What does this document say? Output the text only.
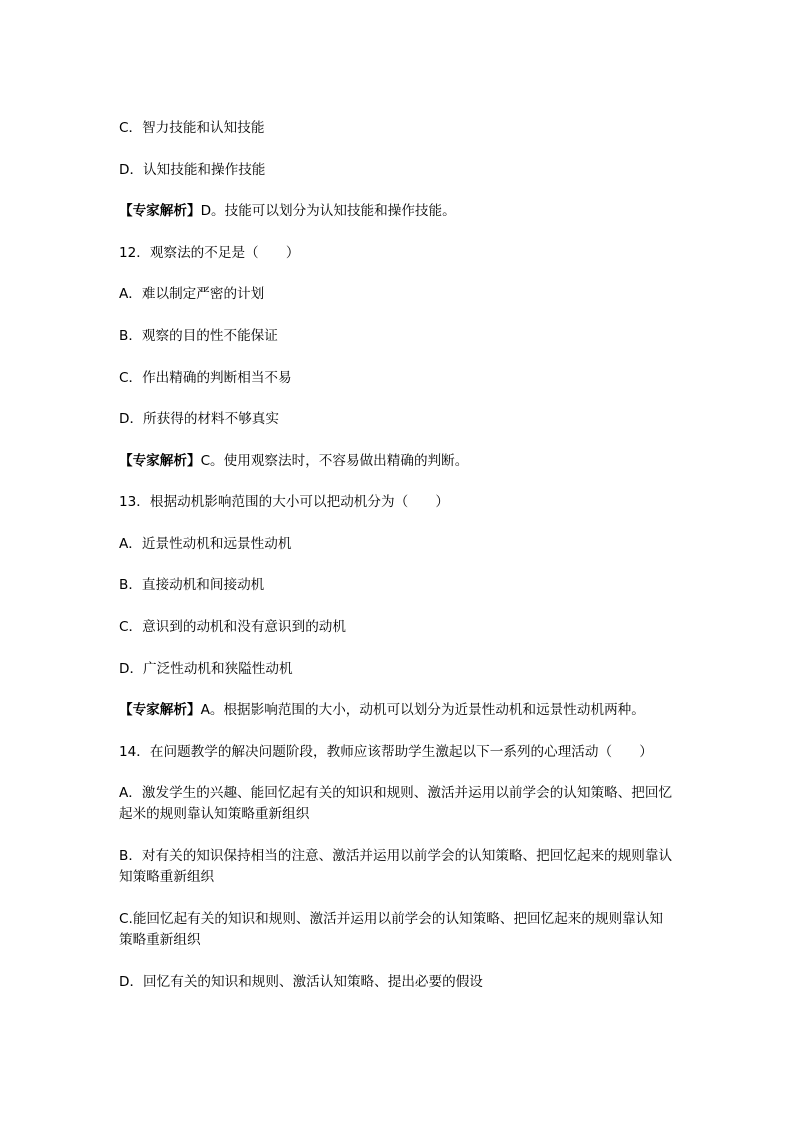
C．智力技能和认知技能
D．认知技能和操作技能
【专家解析】D。技能可以划分为认知技能和操作技能。
12．观察法的不足是（　　）
A．难以制定严密的计划
B．观察的目的性不能保证
C．作出精确的判断相当不易
D．所获得的材料不够真实
【专家解析】C。使用观察法时，不容易做出精确的判断。
13．根据动机影响范围的大小可以把动机分为（　　）
A．近景性动机和远景性动机
B．直接动机和间接动机
C．意识到的动机和没有意识到的动机
D．广泛性动机和狭隘性动机
【专家解析】A。根据影响范围的大小，动机可以划分为近景性动机和远景性动机两种。
14．在问题教学的解决问题阶段，教师应该帮助学生激起以下一系列的心理活动（　　）
A．激发学生的兴趣、能回忆起有关的知识和规则、激活并运用以前学会的认知策略、把回忆起米的规则靠认知策略重新组织
B．对有关的知识保持相当的注意、激活并运用以前学会的认知策略、把回忆起来的规则靠认知策略重新组织
C.能回忆起有关的知识和规则、激活并运用以前学会的认知策略、把回忆起来的规则靠认知策略重新组织
D．回忆有关的知识和规则、激活认知策略、提出必要的假设
